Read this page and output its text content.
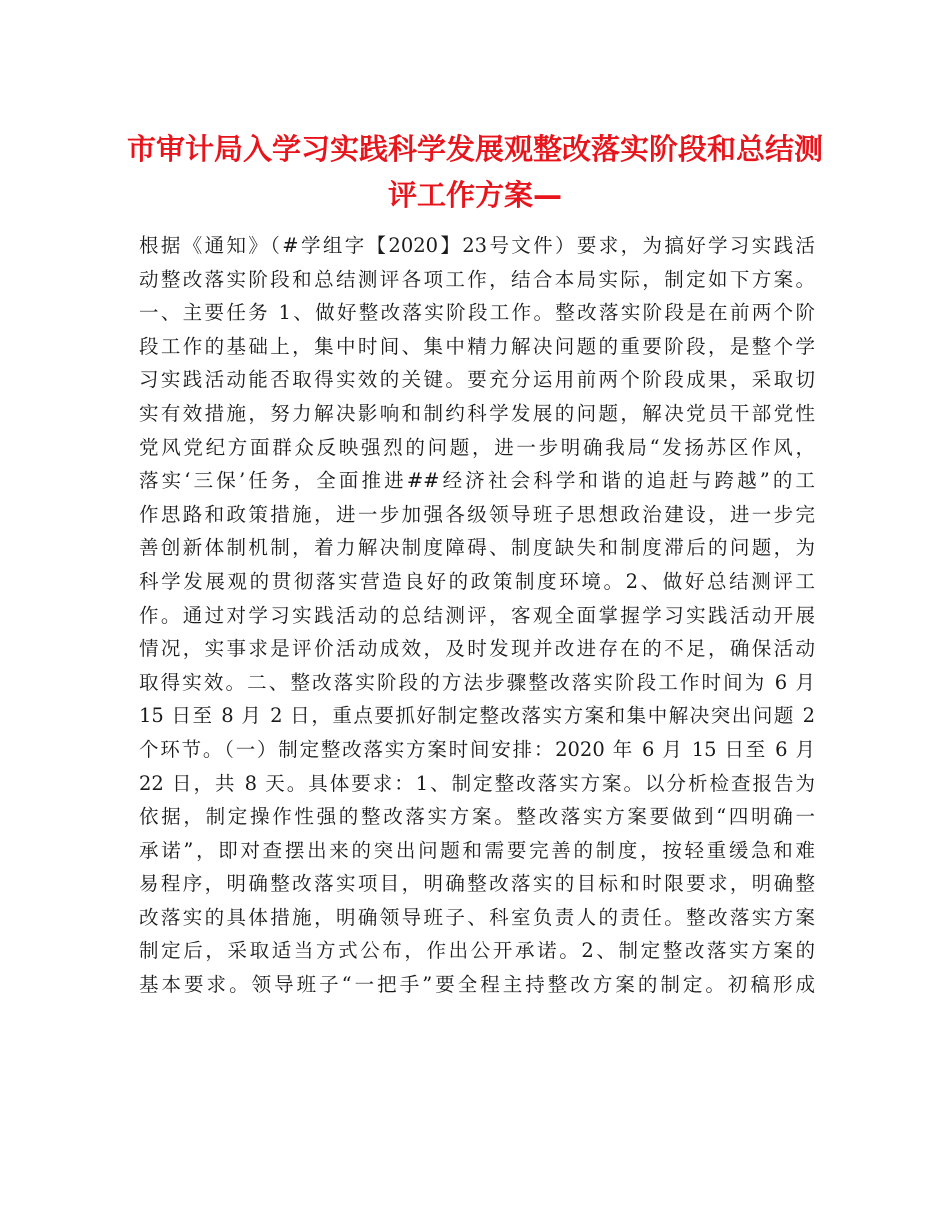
市审计局入学习实践科学发展观整改落实阶段和总结测
评工作方案—
根据《通知》（#学组字【2020】23号文件）要求，为搞好学习实践活
动整改落实阶段和总结测评各项工作，结合本局实际，制定如下方案。
一、主要任务 1、做好整改落实阶段工作。整改落实阶段是在前两个阶
段工作的基础上，集中时间、集中精力解决问题的重要阶段，是整个学
习实践活动能否取得实效的关键。要充分运用前两个阶段成果，采取切
实有效措施，努力解决影响和制约科学发展的问题，解决党员干部党性
党风党纪方面群众反映强烈的问题，进一步明确我局“发扬苏区作风，
落实‘三保’任务，全面推进##经济社会科学和谐的追赶与跨越”的工
作思路和政策措施，进一步加强各级领导班子思想政治建设，进一步完
善创新体制机制，着力解决制度障碍、制度缺失和制度滞后的问题，为
科学发展观的贯彻落实营造良好的政策制度环境。2、做好总结测评工
作。通过对学习实践活动的总结测评，客观全面掌握学习实践活动开展
情况，实事求是评价活动成效，及时发现并改进存在的不足，确保活动
取得实效。二、整改落实阶段的方法步骤整改落实阶段工作时间为 6 月
15 日至 8 月 2 日，重点要抓好制定整改落实方案和集中解决突出问题 2
个环节。（一）制定整改落实方案时间安排：2020 年 6 月 15 日至 6 月
22 日，共 8 天。具体要求：1、制定整改落实方案。以分析检查报告为
依据，制定操作性强的整改落实方案。整改落实方案要做到“四明确一
承诺”，即对查摆出来的突出问题和需要完善的制度，按轻重缓急和难
易程序，明确整改落实项目，明确整改落实的目标和时限要求，明确整
改落实的具体措施，明确领导班子、科室负责人的责任。整改落实方案
制定后，采取适当方式公布，作出公开承诺。2、制定整改落实方案的
基本要求。领导班子“一把手”要全程主持整改方案的制定。初稿形成
